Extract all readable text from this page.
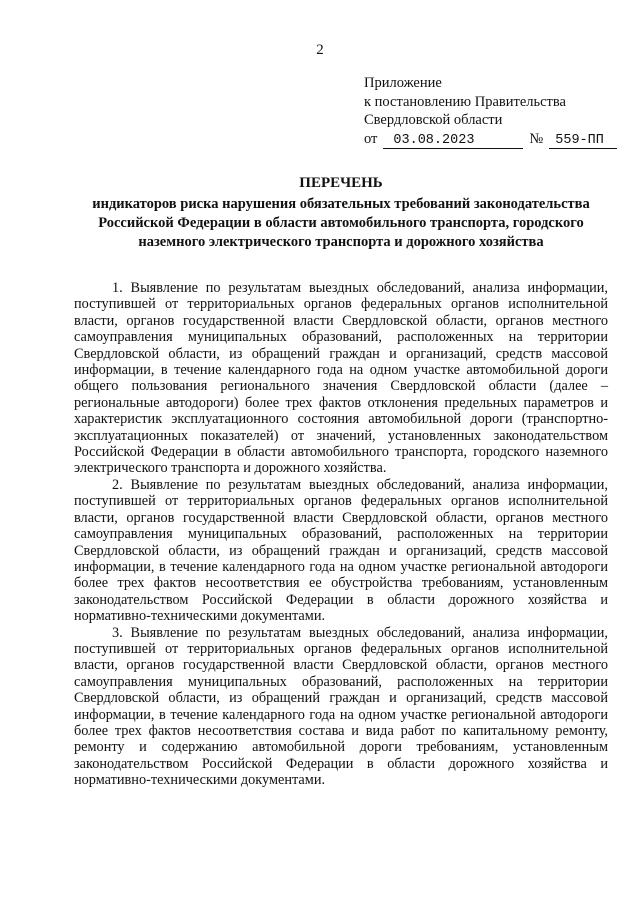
2
Приложение
к постановлению Правительства
Свердловской области
от 03.08.2023	№ 559-ПП
ПЕРЕЧЕНЬ
индикаторов риска нарушения обязательных требований законодательства Российской Федерации в области автомобильного транспорта, городского наземного электрического транспорта и дорожного хозяйства

1. Выявление по результатам выездных обследований, анализа информации, поступившей от территориальных органов федеральных органов исполнительной власти, органов государственной власти Свердловской области, органов местного самоуправления муниципальных образований, расположенных на территории Свердловской области, из обращений граждан и организаций, средств массовой информации, в течение календарного года на одном участке автомобильной дороги общего пользования регионального значения Свердловской области (далее – региональные автодороги) более трех фактов отклонения предельных параметров и характеристик эксплуатационного состояния автомобильной дороги (транспортно-эксплуатационных показателей) от значений, установленных законодательством Российской Федерации в области автомобильного транспорта, городского наземного электрического транспорта и дорожного хозяйства.

2. Выявление по результатам выездных обследований, анализа информации, поступившей от территориальных органов федеральных органов исполнительной власти, органов государственной власти Свердловской области, органов местного самоуправления муниципальных образований, расположенных на территории Свердловской области, из обращений граждан и организаций, средств массовой информации, в течение календарного года на одном участке региональной автодороги более трех фактов несоответствия ее обустройства требованиям, установленным законодательством Российской Федерации в области дорожного хозяйства и нормативно-техническими документами.

3. Выявление по результатам выездных обследований, анализа информации, поступившей от территориальных органов федеральных органов исполнительной власти, органов государственной власти Свердловской области, органов местного самоуправления муниципальных образований, расположенных на территории Свердловской области, из обращений граждан и организаций, средств массовой информации, в течение календарного года на одном участке региональной автодороги более трех фактов несоответствия состава и вида работ по капитальному ремонту, ремонту и содержанию автомобильной дороги требованиям, установленным законодательством Российской Федерации в области дорожного хозяйства и нормативно-техническими документами.
